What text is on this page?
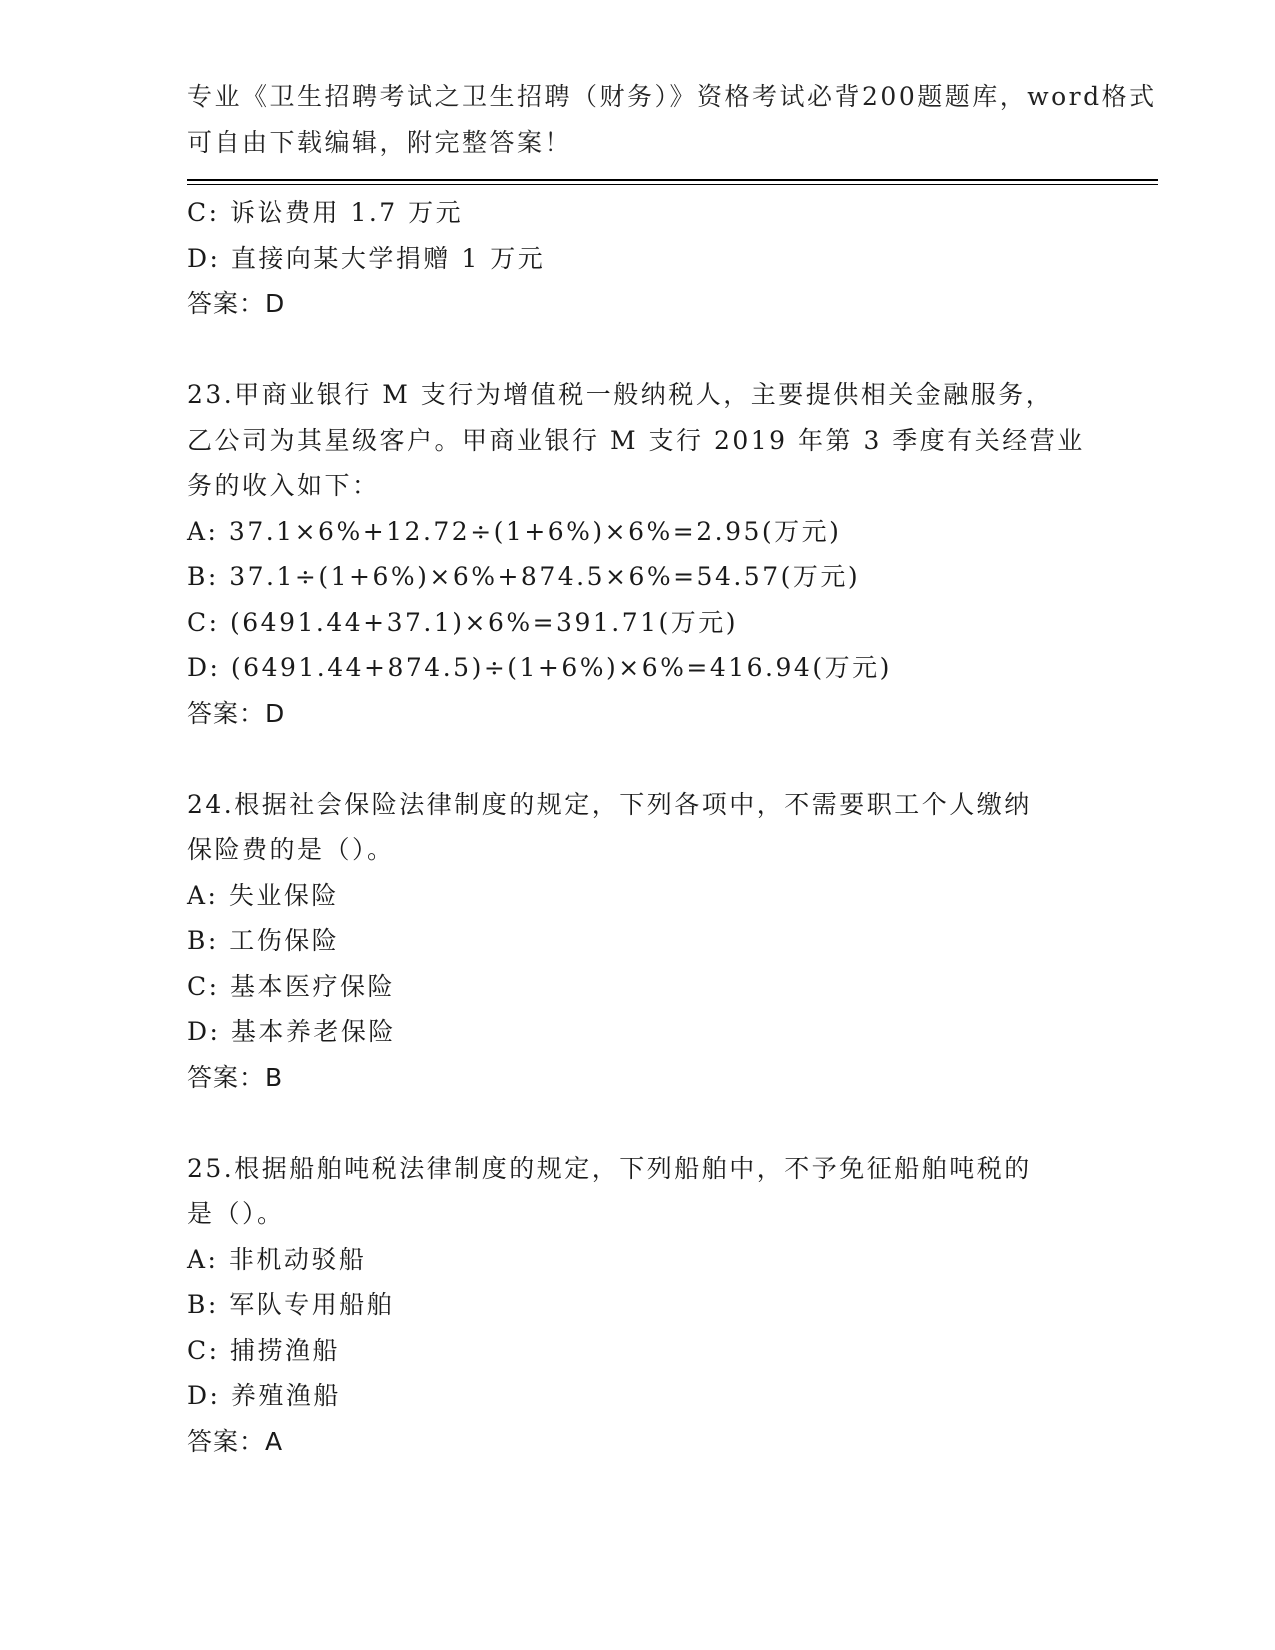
专业《卫生招聘考试之卫生招聘（财务）》资格考试必背200题题库，word格式
可自由下载编辑，附完整答案！
C: 诉讼费用 1.7 万元
D: 直接向某大学捐赠 1 万元
答案：D
23.甲商业银行 M 支行为增值税一般纳税人，主要提供相关金融服务，
乙公司为其星级客户。甲商业银行 M 支行 2019 年第 3 季度有关经营业
务的收入如下：
A: 37.1×6%+12.72÷(1+6%)×6%=2.95(万元)
B: 37.1÷(1+6%)×6%+874.5×6%=54.57(万元)
C: (6491.44+37.1)×6%=391.71(万元)
D: (6491.44+874.5)÷(1+6%)×6%=416.94(万元)
答案：D
24.根据社会保险法律制度的规定，下列各项中，不需要职工个人缴纳
保险费的是（）。
A: 失业保险
B: 工伤保险
C: 基本医疗保险
D: 基本养老保险
答案：B
25.根据船舶吨税法律制度的规定，下列船舶中，不予免征船舶吨税的
是（）。
A: 非机动驳船
B: 军队专用船舶
C: 捕捞渔船
D: 养殖渔船
答案：A
